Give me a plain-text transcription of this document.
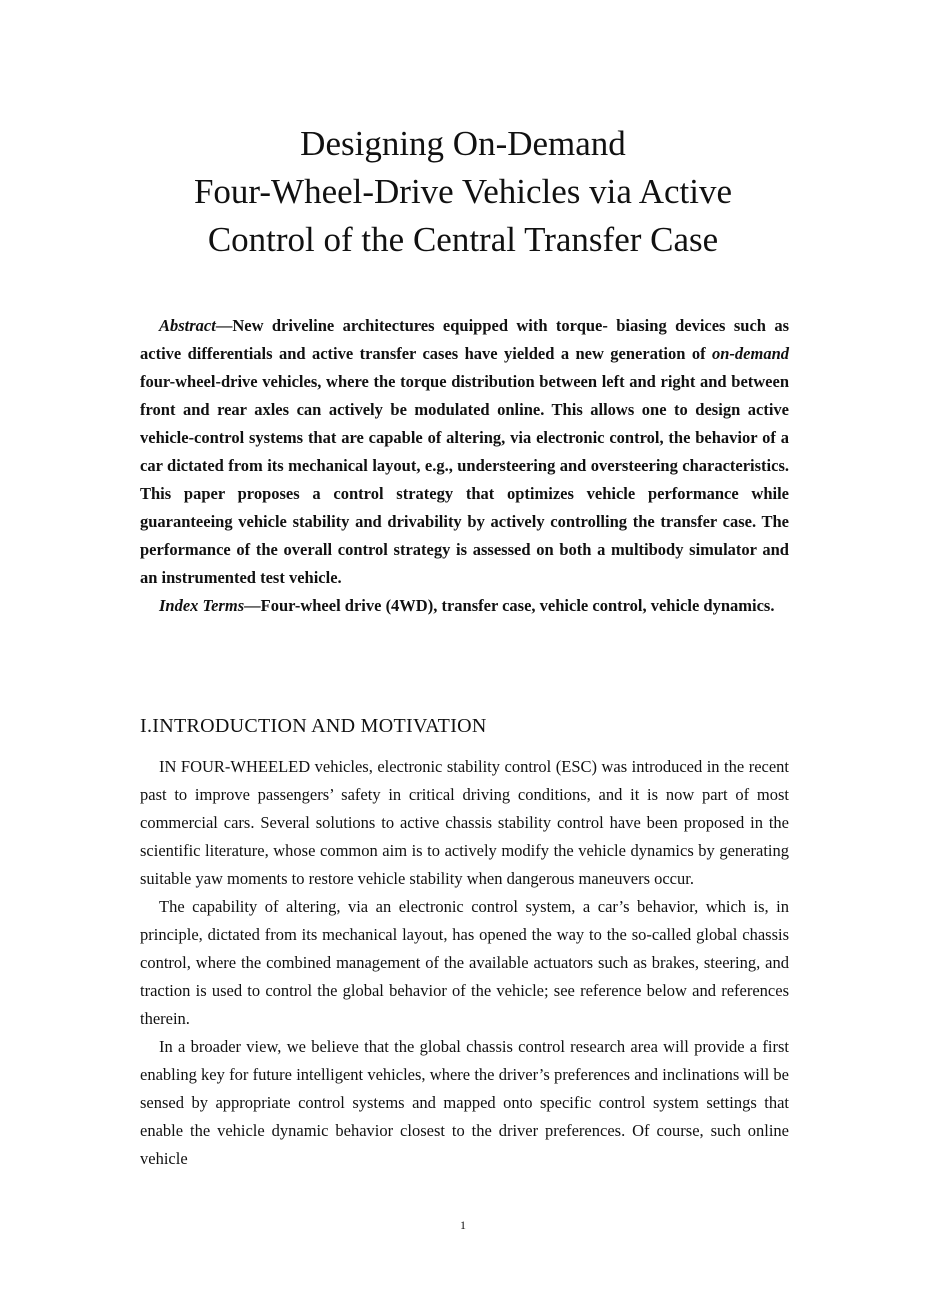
Designing On-Demand
Four-Wheel-Drive Vehicles via Active
Control of the Central Transfer Case

Abstract—New driveline architectures equipped with torque- biasing devices such as active differentials and active transfer cases have yielded a new generation of on-demand four-wheel-drive vehicles, where the torque distribution between left and right and between front and rear axles can actively be modulated online. This allows one to design active vehicle-control systems that are capable of altering, via electronic control, the behavior of a car dictated from its mechanical layout, e.g., understeering and oversteering characteristics. This paper proposes a control strategy that optimizes vehicle performance while guaranteeing vehicle stability and drivability by actively controlling the transfer case. The performance of the overall control strategy is assessed on both a multibody simulator and an instrumented test vehicle.

Index Terms—Four-wheel drive (4WD), transfer case, vehicle control, vehicle dynamics.

I.INTRODUCTION AND MOTIVATION

IN FOUR-WHEELED vehicles, electronic stability control (ESC) was introduced in the recent past to improve passengers’ safety in critical driving conditions, and it is now part of most commercial cars. Several solutions to active chassis stability control have been proposed in the scientific literature, whose common aim is to actively modify the vehicle dynamics by generating suitable yaw moments to restore vehicle stability when dangerous maneuvers occur.

The capability of altering, via an electronic control system, a car’s behavior, which is, in principle, dictated from its mechanical layout, has opened the way to the so-called global chassis control, where the combined management of the available actuators such as brakes, steering, and traction is used to control the global behavior of the vehicle; see reference below and references therein.

In a broader view, we believe that the global chassis control research area will provide a first enabling key for future intelligent vehicles, where the driver’s preferences and inclinations will be sensed by appropriate control systems and mapped onto specific control system settings that enable the vehicle dynamic behavior closest to the driver preferences. Of course, such online vehicle

1
